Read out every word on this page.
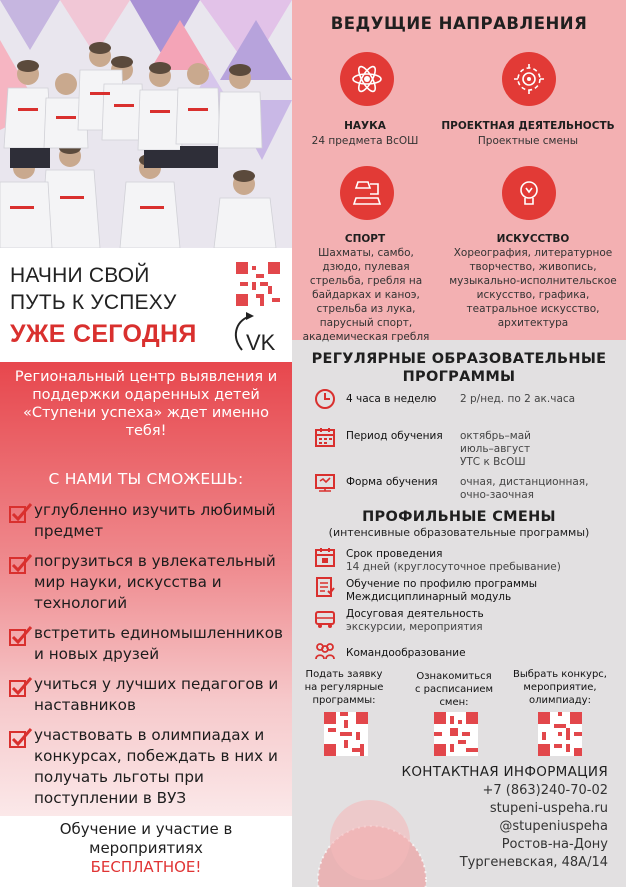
НАЧНИ СВОЙ
ПУТЬ К УСПЕХУ
УЖЕ СЕГОДНЯ	VK
Региональный центр выявления и поддержки одаренных детей «Ступени успеха» ждет именно тебя!
С НАМИ ТЫ СМОЖЕШЬ:
углубленно изучить любимый предмет
погрузиться в увлекательный мир науки, искусства и технологий
встретить единомышленников и новых друзей
учиться у лучших педагогов и наставников
участвовать в олимпиадах и конкурсах, побеждать в них и получать льготы при поступлении в ВУЗ
Обучение и участие в
мероприятиях
БЕСПЛАТНОЕ!
ВЕДУЩИЕ НАПРАВЛЕНИЯ
НАУКА
24 предмета ВсОШ
ПРОЕКТНАЯ ДЕЯТЕЛЬНОСТЬ
Проектные смены
СПОРТ
Шахматы, самбо, дзюдо, пулевая стрельба, гребля на байдарках и каноэ, стрельба из лука, парусный спорт, академическая гребля
ИСКУССТВО
Хореография, литературное творчество, живопись, музыкально-исполнительское искусство, графика, театральное искусство, архитектура
РЕГУЛЯРНЫЕ ОБРАЗОВАТЕЛЬНЫЕ
ПРОГРАММЫ
4 часа в неделю 2 р/нед. по 2 ак.часа
Период обучения октябрь–май
июль–август
УТС к ВсОШ
Форма обучения очная, дистанционная,
очно-заочная
ПРОФИЛЬНЫЕ СМЕНЫ
(интенсивные образовательные программы)
Срок проведения
14 дней (круглосуточное пребывание)
Обучение по профилю программы
Междисциплинарный модуль
Досуговая деятельность
экскурсии, мероприятия
Командообразование
Подать заявку
на регулярные
программы:
Ознакомиться
с расписанием
смен:
Выбрать конкурс,
мероприятие,
олимпиаду:
КОНТАКТНАЯ ИНФОРМАЦИЯ
+7 (863)240-70-02
stupeni-uspeha.ru
@stupeniuspeha
Ростов-на-Дону
Тургеневская, 48А/14
